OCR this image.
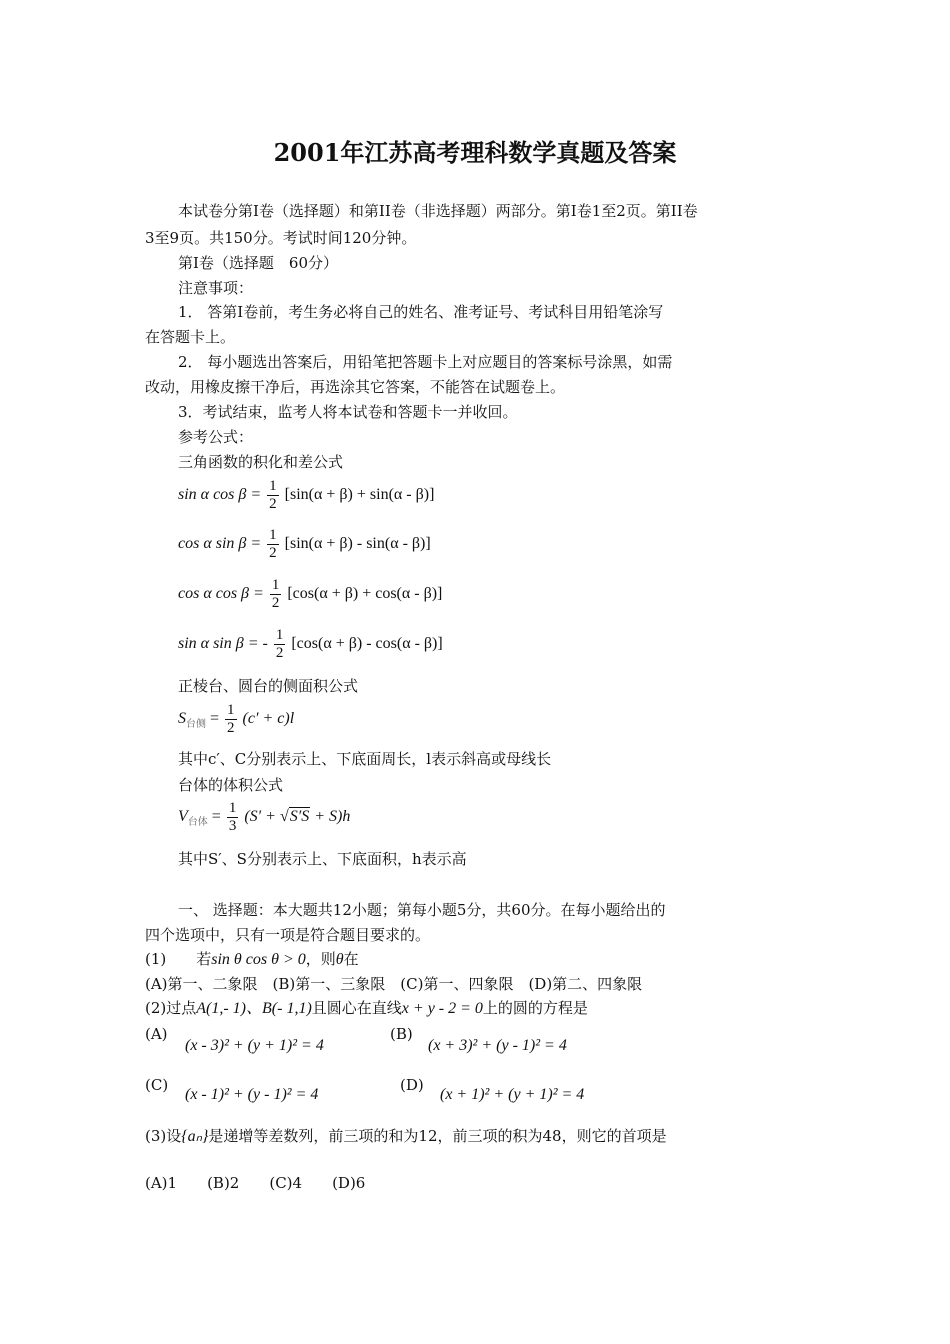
2001年江苏高考理科数学真题及答案
本试卷分第Ⅰ卷（选择题）和第II卷（非选择题）两部分。第Ⅰ卷1至2页。第II卷
3至9页。共150分。考试时间120分钟。
第Ⅰ卷（选择题　60分）
注意事项：
1． 答第Ⅰ卷前，考生务必将自己的姓名、准考证号、考试科目用铅笔涂写
在答题卡上。
2． 每小题选出答案后，用铅笔把答题卡上对应题目的答案标号涂黑，如需
改动，用橡皮擦干净后，再选涂其它答案，不能答在试题卷上。
3．考试结束，监考人将本试卷和答题卡一并收回。
参考公式：
三角函数的积化和差公式
sin α $\cos \beta = \frac{1}{2} [\sin(\alpha + \beta) + \sin(\alpha - \beta)]$
cos α $\sin \beta = \frac{1}{2} [\sin(\alpha + \beta) - \sin(\alpha - \beta)]$
cos α $\cos \beta = \frac{1}{2} [\cos(\alpha + \beta) + \cos(\alpha - \beta)]$
sin α sin β = - $\frac{1}{2} [\cos(\alpha + \beta) - \cos(\alpha - \beta)]$
正棱台、圆台的侧面积公式
$S_{台侧} = \frac{1}{2} (c' + c)l$
其中c′、C分别表示上、下底面周长，l表示斜高或母线长
台体的体积公式
$V_{台体} = \frac{1}{3} (S' + √S'S + S)h$
其中S′、S分别表示上、下底面积，h表示高
一、 选择题：本大题共12小题；第每小题5分，共60分。在每小题给出的
四个选项中，只有一项是符合题目要求的。
(1)　　若sin θ cos θ > 0，则θ在
(A)第一、二象限　(B)第一、三象限　(C)第一、四象限　(D)第二、四象限
(2)过点A(1,- 1)、B(- 1,1)且圆心在直线x + y - 2 = 0上的圆的方程是
(A)
(x - 3)² + (y + 1)² = 4
(B)
(x + 3)² + (y - 1)² = 4
(C)
(x - 1)² + (y - 1)² = 4
(D)
(x + 1)² + (y + 1)² = 4
(3)设{aₙ}是递增等差数列，前三项的和为12，前三项的积为48，则它的首项是
(A)1　　(B)2　　(C)4　　(D)6
